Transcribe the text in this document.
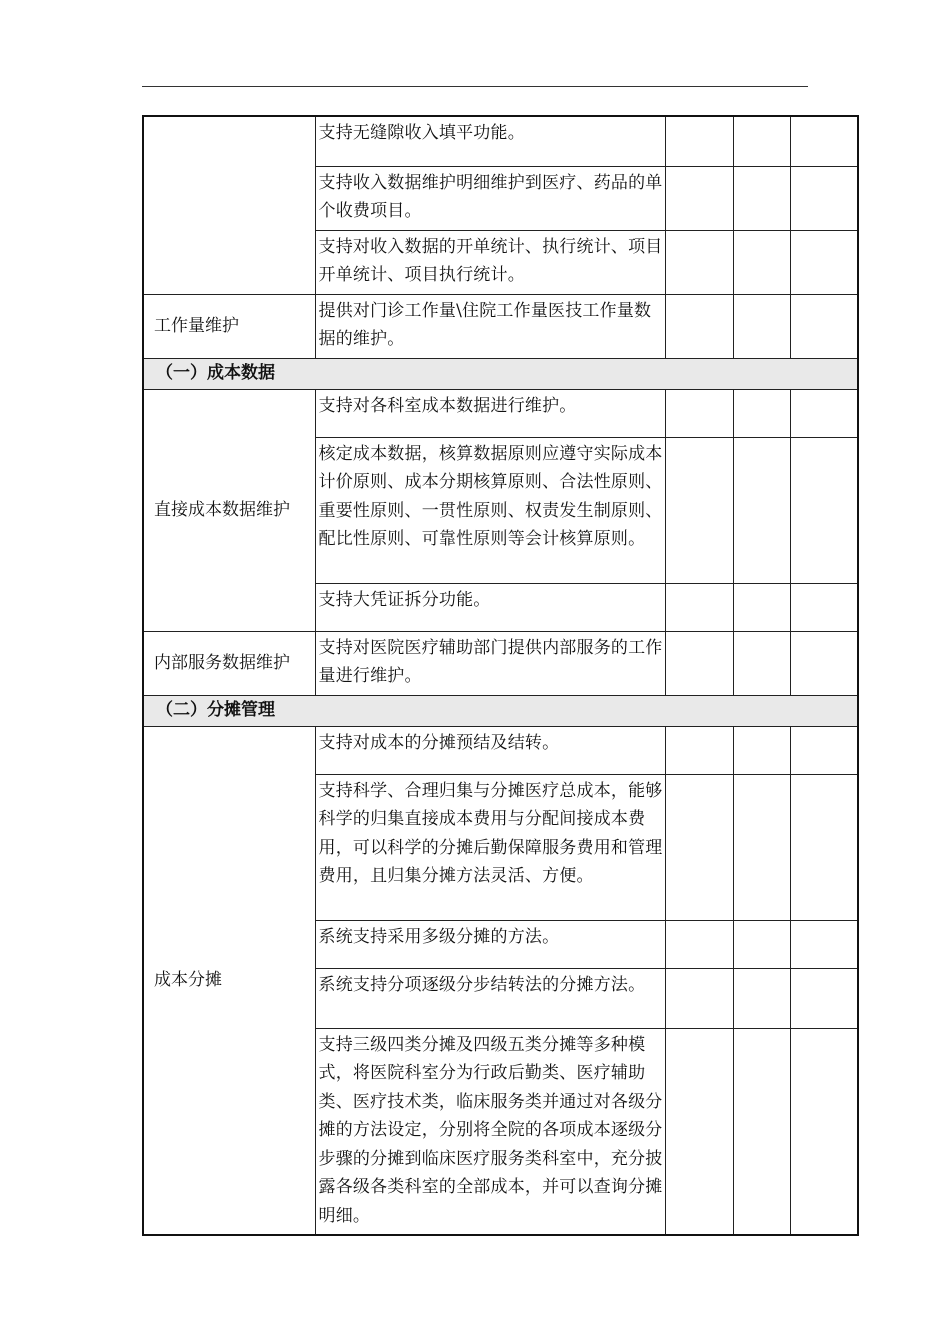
	支持无缝隙收入填平功能。			
	支持收入数据维护明细维护到医疗、药品的单个收费项目。			
	支持对收入数据的开单统计、执行统计、项目开单统计、项目执行统计。			
工作量维护	提供对门诊工作量\住院工作量医技工作量数据的维护。			
（一）成本数据				
直接成本数据维护	支持对各科室成本数据进行维护。			
	核定成本数据，核算数据原则应遵守实际成本计价原则、成本分期核算原则、合法性原则、重要性原则、一贯性原则、权责发生制原则、配比性原则、可靠性原则等会计核算原则。			
	支持大凭证拆分功能。			
内部服务数据维护	支持对医院医疗辅助部门提供内部服务的工作量进行维护。			
（二）分摊管理				
成本分摊	支持对成本的分摊预结及结转。			
	支持科学、合理归集与分摊医疗总成本，能够科学的归集直接成本费用与分配间接成本费用，可以科学的分摊后勤保障服务费用和管理费用，且归集分摊方法灵活、方便。			
	系统支持采用多级分摊的方法。			
	系统支持分项逐级分步结转法的分摊方法。			
	支持三级四类分摊及四级五类分摊等多种模式，将医院科室分为行政后勤类、医疗辅助类、医疗技术类，临床服务类并通过对各级分摊的方法设定，分别将全院的各项成本逐级分步骤的分摊到临床医疗服务类科室中，充分披露各级各类科室的全部成本，并可以查询分摊明细。			
